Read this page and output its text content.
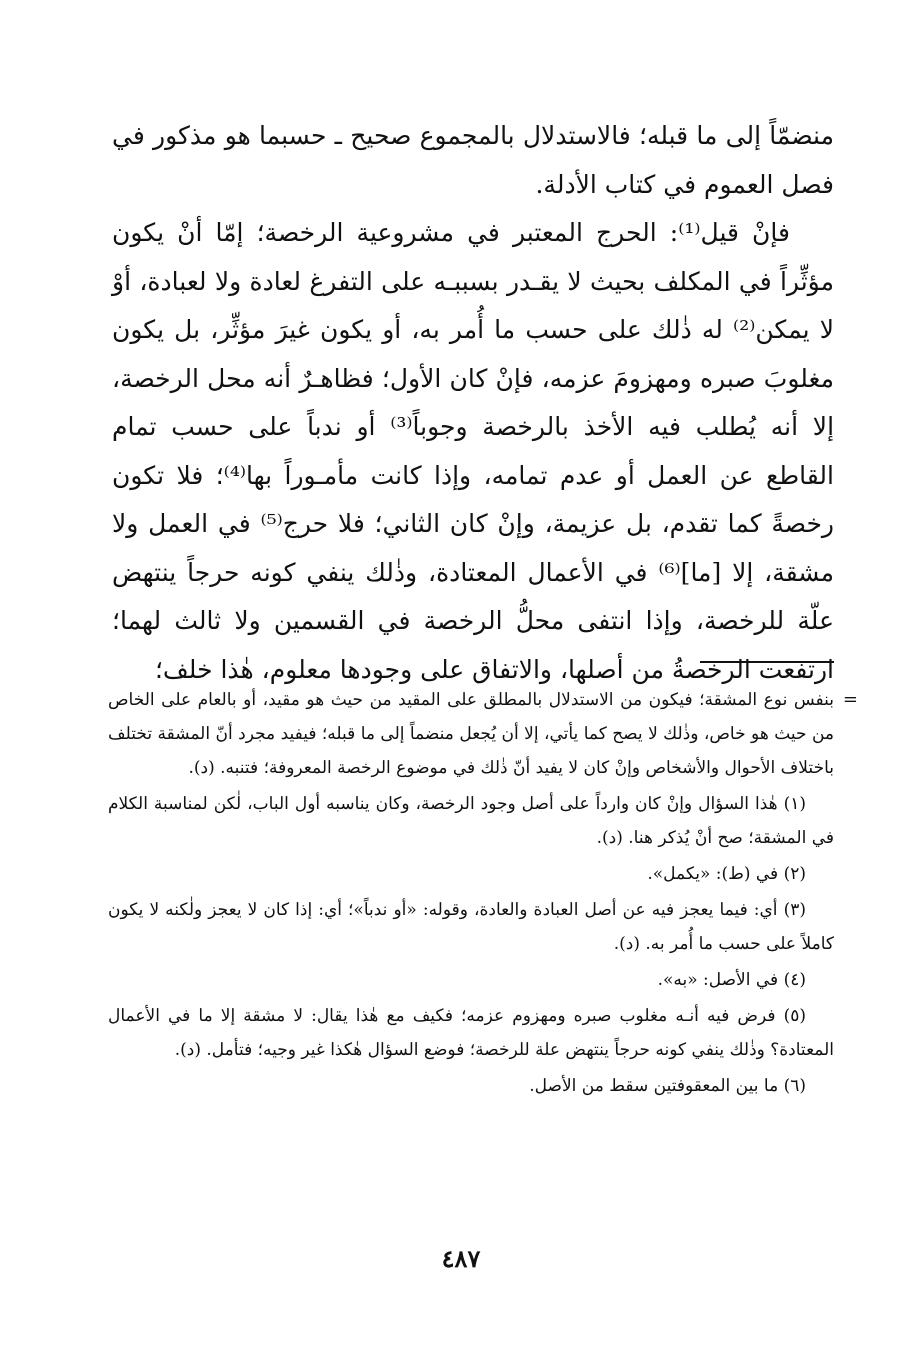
منضمّاً إلى ما قبله؛ فالاستدلال بالمجموع صحيح ـ حسبما هو مذكور في فصل العموم في كتاب الأدلة.

فإنْ قيل⁽¹⁾: الحرج المعتبر في مشروعية الرخصة؛ إمّا أنْ يكون مؤثِّراً في المكلف بحيث لا يقـدر بسببـه على التفرغ لعادة ولا لعبادة، أوْ لا يمكن⁽²⁾ له ذٰلك على حسب ما أُمر به، أو يكون غيرَ مؤثِّر، بل يكون مغلوبَ صبره ومهزومَ عزمه، فإنْ كان الأول؛ فظاهـرٌ أنه محل الرخصة، إلا أنه يُطلب فيه الأخذ بالرخصة وجوباً⁽³⁾ أو ندباً على حسب تمام القاطع عن العمل أو عدم تمامه، وإذا كانت مأمـوراً بها⁽⁴⁾؛ فلا تكون رخصةً كما تقدم، بل عزيمة، وإنْ كان الثاني؛ فلا حرج⁽⁵⁾ في العمل ولا مشقة، إلا [ما]⁽⁶⁾ في الأعمال المعتادة، وذٰلك ينفي كونه حرجاً ينتهض علّة للرخصة، وإذا انتفى محلُّ الرخصة في القسمين ولا ثالث لهما؛ ارتفعت الرخصةُ من أصلها، والاتفاق على وجودها معلوم، هٰذا خلف؛

=
بنفس نوع المشقة؛ فيكون من الاستدلال بالمطلق على المقيد من حيث هو مقيد، أو بالعام على الخاص من حيث هو خاص، وذٰلك لا يصح كما يأتي، إلا أن يُجعل منضماً إلى ما قبله؛ فيفيد مجرد أنّ المشقة تختلف باختلاف الأحوال والأشخاص وإنْ كان لا يفيد أنّ ذٰلك في موضوع الرخصة المعروفة؛ فتنبه. (د).

(١) هٰذا السؤال وإنْ كان وارداً على أصل وجود الرخصة، وكان يناسبه أول الباب، لٰكن لمناسبة الكلام في المشقة؛ صح أنْ يُذكر هنا. (د).

(٢) في (ط): «يكمل».

(٣) أي: فيما يعجز فيه عن أصل العبادة والعادة، وقوله: «أو ندباً»؛ أي: إذا كان لا يعجز ولٰكنه لا يكون كاملاً على حسب ما أُمر به. (د).

(٤) في الأصل: «به».

(٥) فرض فيه أنـه مغلوب صبره ومهزوم عزمه؛ فكيف مع هٰذا يقال: لا مشقة إلا ما في الأعمال المعتادة؟ وذٰلك ينفي كونه حرجاً ينتهض علة للرخصة؛ فوضع السؤال هٰكذا غير وجيه؛ فتأمل. (د).

(٦) ما بين المعقوفتين سقط من الأصل.

٤٨٧
